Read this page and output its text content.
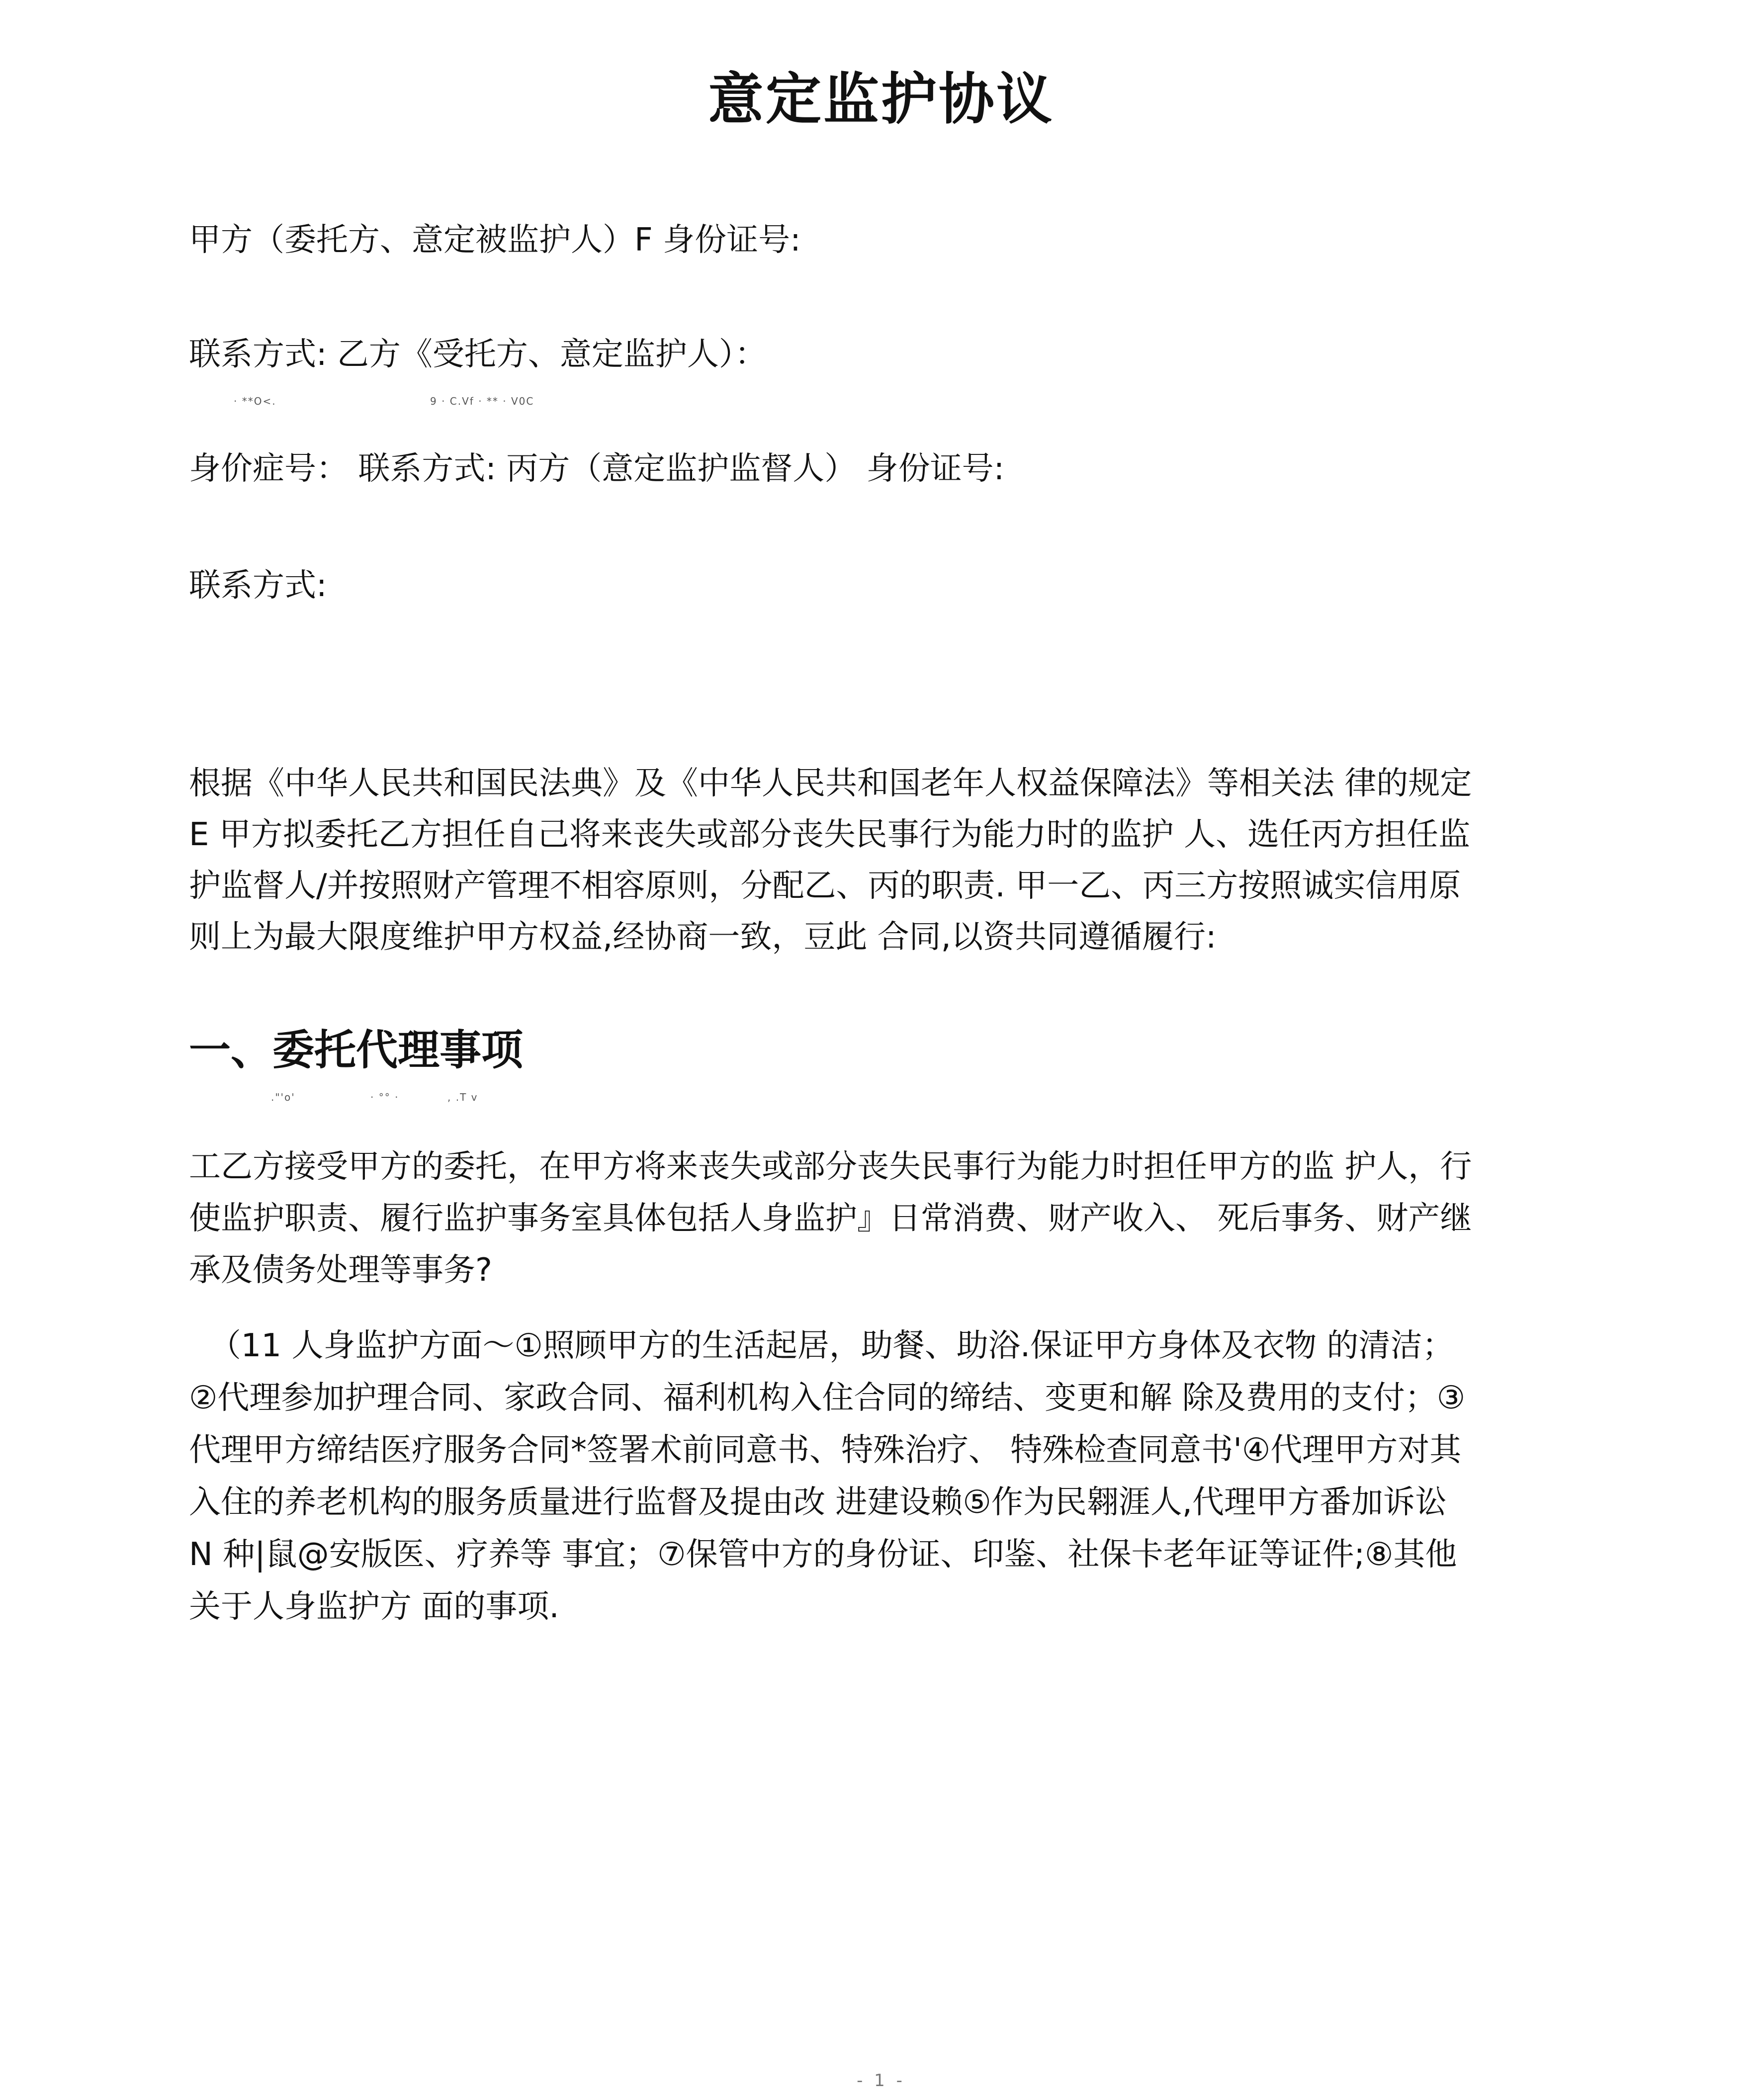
意定监护协议
甲方（委托方、意定被监护人）F 身份证号:
联系方式: 乙方《受托方、意定监护人）：
· **O<.	9 · C.Vf · ** · V0C
身价症号： 联系方式: 丙方（意定监护监督人） 身份证号:
联系方式:

根据《中华人民共和国民法典》及《中华人民共和国老年人权益保障法》等相关法 律的规定

E 甲方拟委托乙方担任自己将来丧失或部分丧失民事行为能力时的监护 人、选任丙方担任监

护监督人/并按照财产管理不相容原则，分配乙、丙的职责. 甲一乙、丙三方按照诚实信用原

则上为最大限度维护甲方权益,经协商一致，豆此 合同,以资共同遵循履行:

一、委托代理事项
."'o'	· °° ·	, .T v

工乙方接受甲方的委托，在甲方将来丧失或部分丧失民事行为能力时担任甲方的监 护人，行

使监护职责、履行监护事务室具体包括人身监护』日常消费、财产收入、 死后事务、财产继

承及债务处理等事务?

（11 人身监护方面～①照顾甲方的生活起居，助餐、助浴.保证甲方身体及衣物 的清洁；

②代理参加护理合同、家政合同、福利机构入住合同的缔结、变更和解 除及费用的支付；③

代理甲方缔结医疗服务合同*签署术前同意书、特殊治疗、 特殊检查同意书'④代理甲方对其

入住的养老机构的服务质量进行监督及提由改 进建设赖⑤作为民翱涯人,代理甲方番加诉讼

N 种|鼠@安版医、疗养等 事宜；⑦保管中方的身份证、印鉴、社保卡老年证等证件;⑧其他

关于人身监护方 面的事项.

- 1 -
